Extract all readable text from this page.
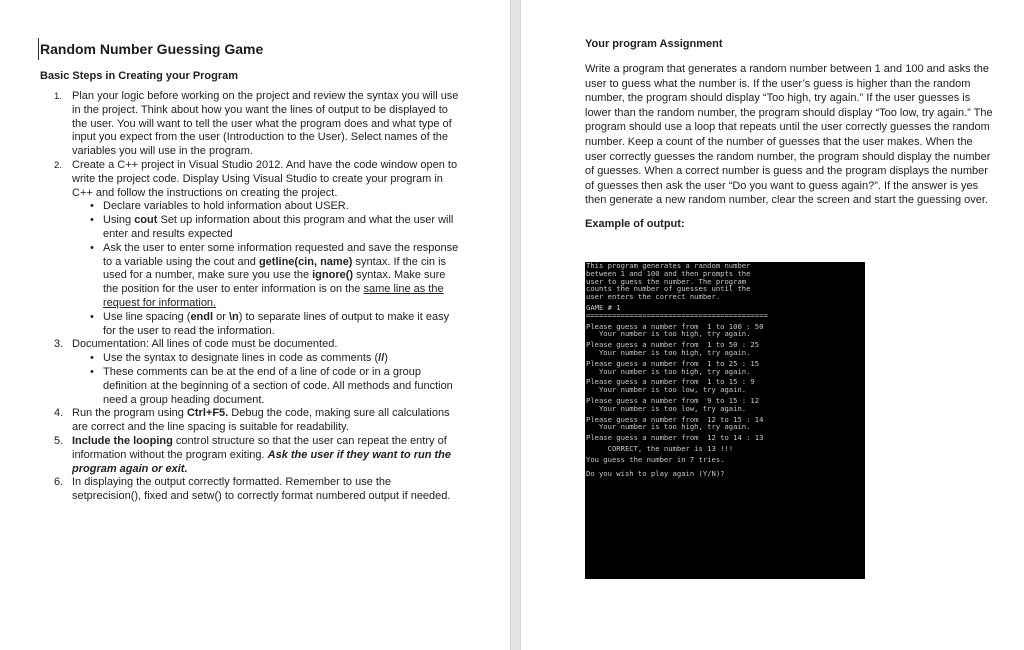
Random Number Guessing Game
Basic Steps in Creating your Program
1. Plan your logic before working on the project and review the syntax you will use in the project. Think about how you want the lines of output to be displayed to the user. You will want to tell the user what the program does and what type of input you expect from the user (Introduction to the User). Select names of the variables you will use in the program.
2. Create a C++ project in Visual Studio 2012. And have the code window open to write the project code. Display Using Visual Studio to create your program in C++ and follow the instructions on creating the project.
• Declare variables to hold information about USER.
• Using cout Set up information about this program and what the user will enter and results expected
• Ask the user to enter some information requested and save the response to a variable using the cout and getline(cin, name) syntax. If the cin is used for a number, make sure you use the ignore() syntax. Make sure the position for the user to enter information is on the same line as the request for information.
• Use line spacing (endl or \n) to separate lines of output to make it easy for the user to read the information.
3. Documentation: All lines of code must be documented.
• Use the syntax to designate lines in code as comments (//)
• These comments can be at the end of a line of code or in a group definition at the beginning of a section of code. All methods and function need a group heading document.
4. Run the program using Ctrl+F5. Debug the code, making sure all calculations are correct and the line spacing is suitable for readability.
5. Include the looping control structure so that the user can repeat the entry of information without the program exiting. Ask the user if they want to run the program again or exit.
6. In displaying the output correctly formatted. Remember to use the setprecision(), fixed and setw() to correctly format numbered output if needed.
Your program Assignment

Write a program that generates a random number between 1 and 100 and asks the user to guess what the number is. If the user’s guess is higher than the random number, the program should display “Too high, try again.” If the user guesses is lower than the random number, the program should display “Too low, try again.” The program should use a loop that repeats until the user correctly guesses the random number. Keep a count of the number of guesses that the user makes. When the user correctly guesses the random number, the program should display the number of guesses. When a correct number is guess and the program displays the number of guesses then ask the user “Do you want to guess again?”. If the answer is yes then generate a new random number, clear the screen and start the guessing over.

Example of output:
This program generates a random number
between 1 and 100 and then prompts the
user to guess the number. The program
counts the number of guesses until the
user enters the correct number.

GAME # 1
==========================================

Please guess a number from  1 to 100 : 50
Your number is too high, try again.

Please guess a number from  1 to 50 : 25
Your number is too high, try again.

Please guess a number from  1 to 25 : 15
Your number is too high, try again.

Please guess a number from  1 to 15 : 9
Your number is too low, try again.

Please guess a number from  9 to 15 : 12
Your number is too low, try again.

Please guess a number from  12 to 15 : 14
Your number is too high, try again.

Please guess a number from  12 to 14 : 13

CORRECT, the number is 13 !!!

You guess the number in 7 tries.

Do you wish to play again (Y/N)?
